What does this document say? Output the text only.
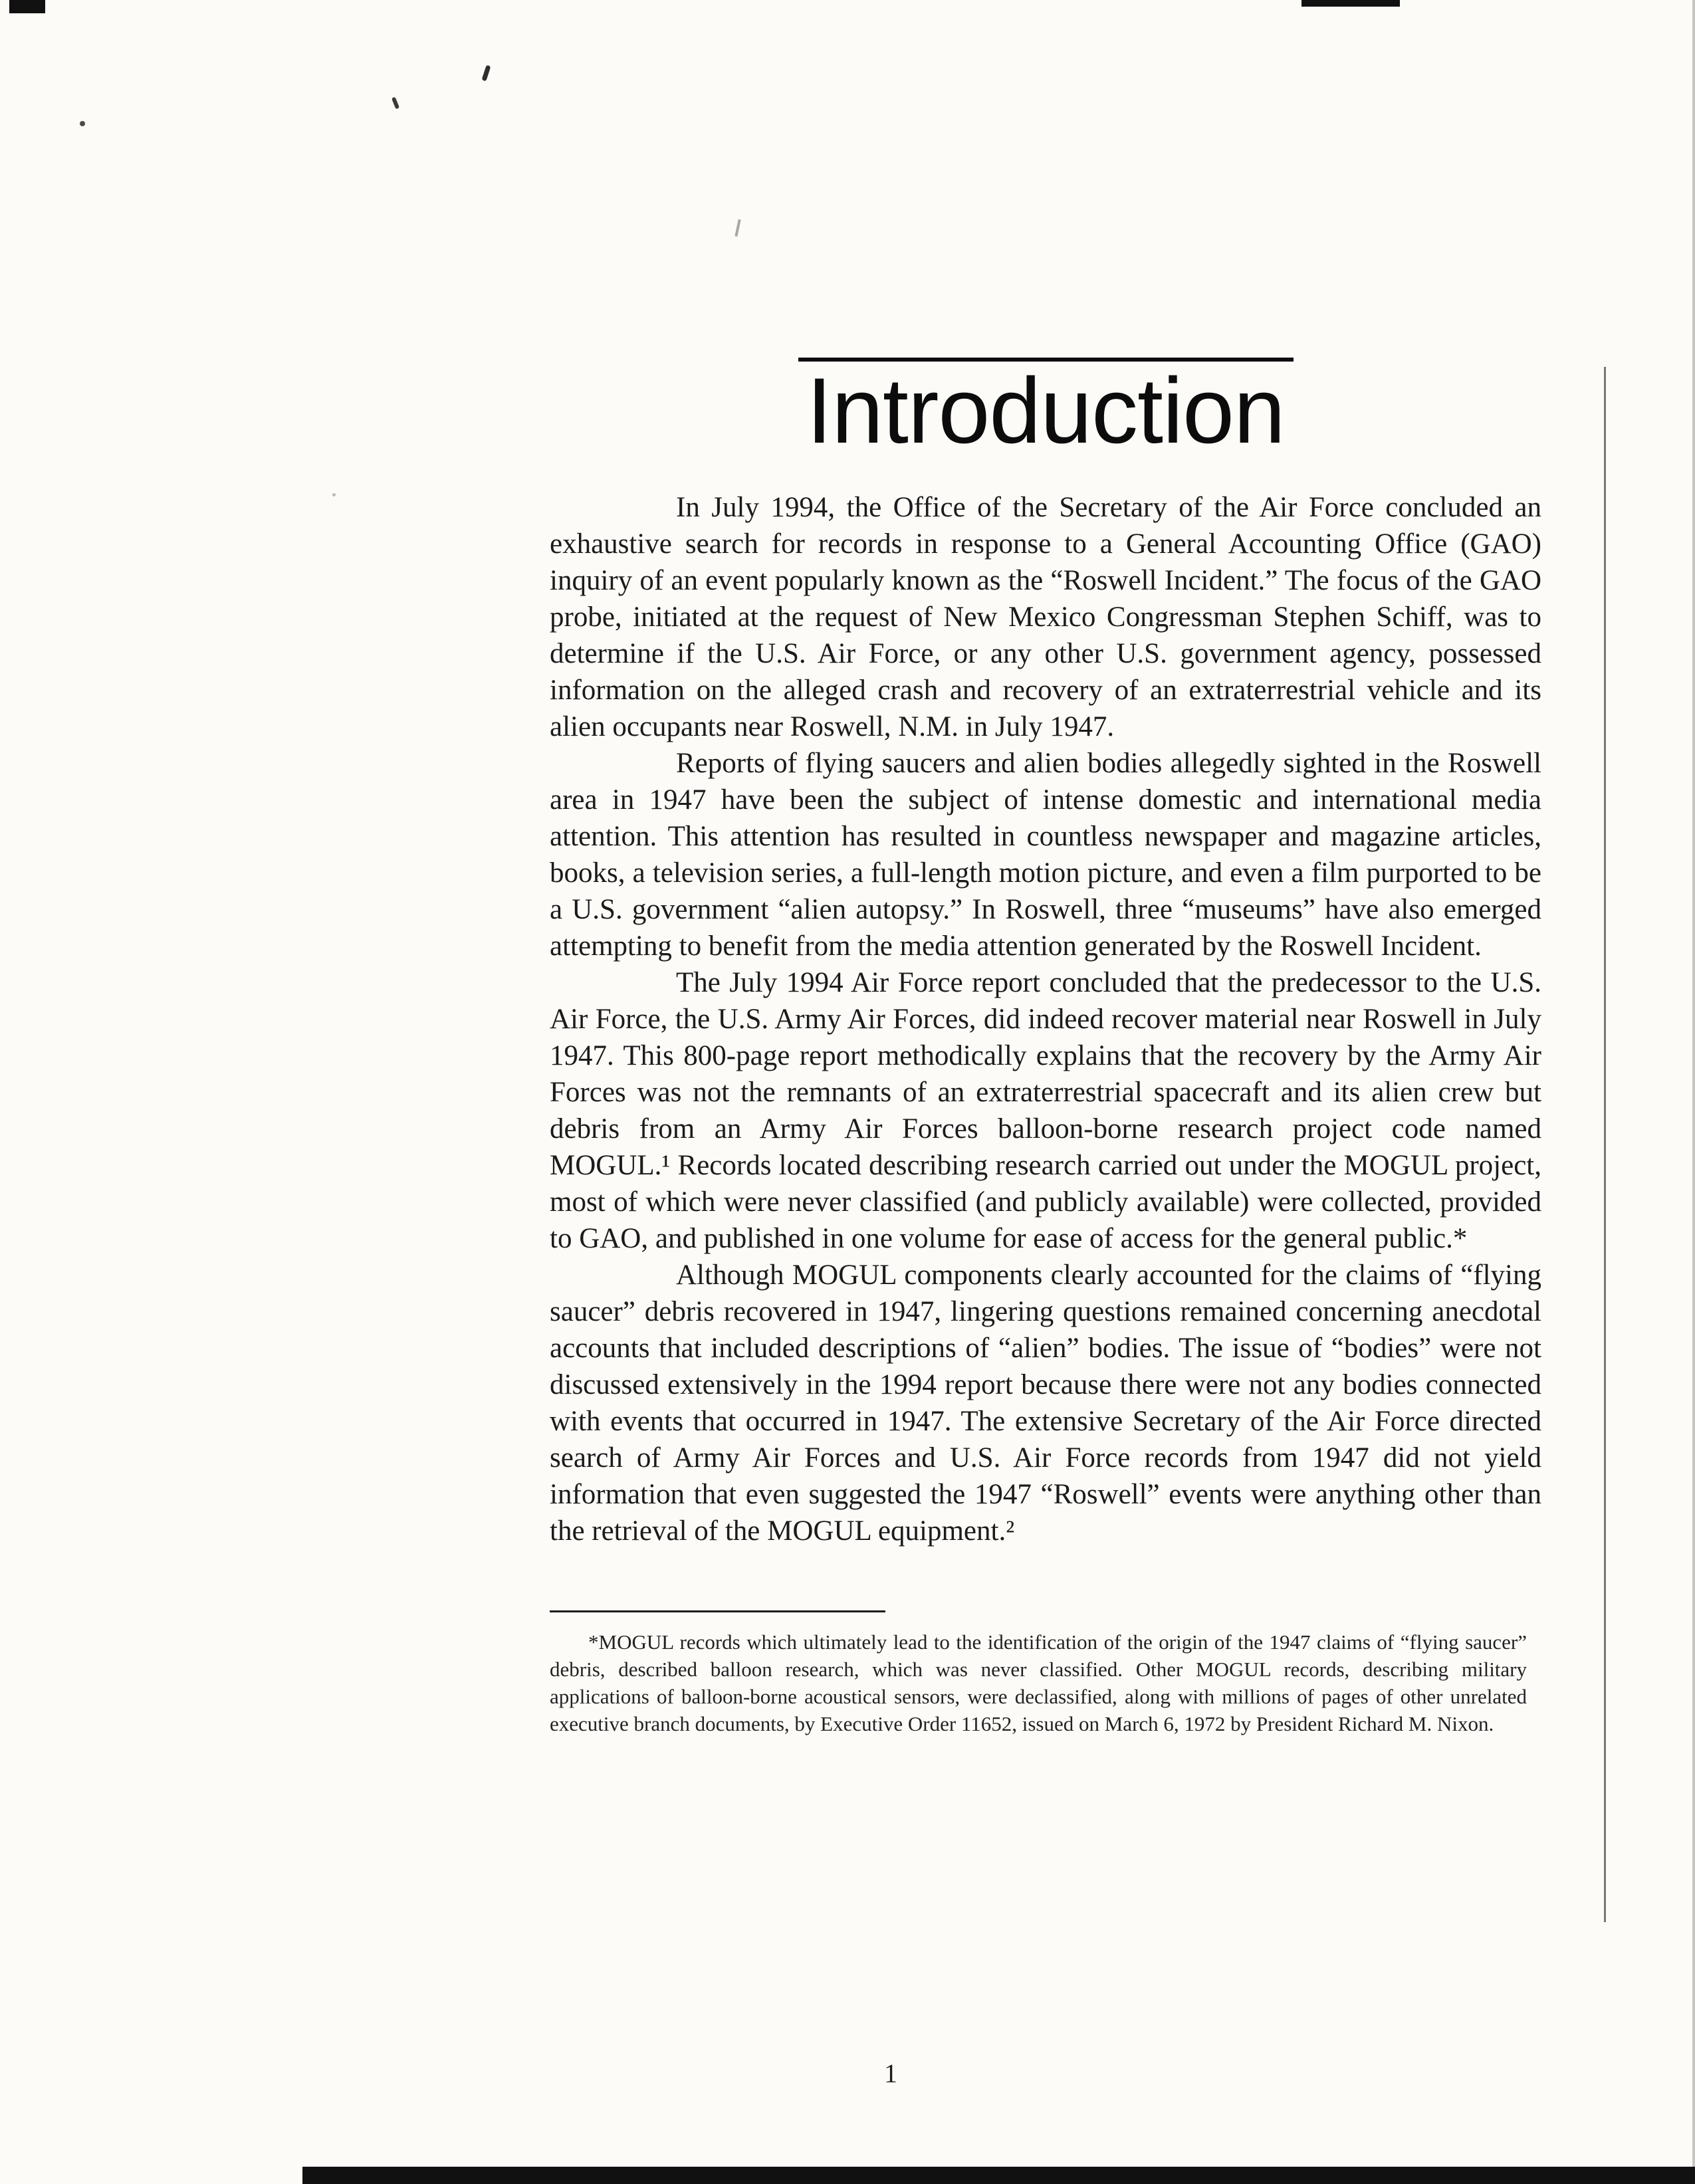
Introduction

In July 1994, the Office of the Secretary of the Air Force concluded an exhaustive search for records in response to a General Accounting Office (GAO) inquiry of an event popularly known as the “Roswell Incident.” The focus of the GAO probe, initiated at the request of New Mexico Congressman Stephen Schiff, was to determine if the U.S. Air Force, or any other U.S. government agency, possessed information on the alleged crash and recovery of an extraterrestrial vehicle and its alien occupants near Roswell, N.M. in July 1947.

Reports of flying saucers and alien bodies allegedly sighted in the Roswell area in 1947 have been the subject of intense domestic and international media attention. This attention has resulted in countless newspaper and magazine articles, books, a television series, a full-length motion picture, and even a film purported to be a U.S. government “alien autopsy.” In Roswell, three “museums” have also emerged attempting to benefit from the media attention generated by the Roswell Incident.

The July 1994 Air Force report concluded that the predecessor to the U.S. Air Force, the U.S. Army Air Forces, did indeed recover material near Roswell in July 1947. This 800-page report methodically explains that the recovery by the Army Air Forces was not the remnants of an extraterrestrial spacecraft and its alien crew but debris from an Army Air Forces balloon-borne research project code named MOGUL.¹ Records located describing research carried out under the MOGUL project, most of which were never classified (and publicly available) were collected, provided to GAO, and published in one volume for ease of access for the general public.*

Although MOGUL components clearly accounted for the claims of “flying saucer” debris recovered in 1947, lingering questions remained concerning anecdotal accounts that included descriptions of “alien” bodies. The issue of “bodies” were not discussed extensively in the 1994 report because there were not any bodies connected with events that occurred in 1947. The extensive Secretary of the Air Force directed search of Army Air Forces and U.S. Air Force records from 1947 did not yield information that even suggested the 1947 “Roswell” events were anything other than the retrieval of the MOGUL equipment.²

*MOGUL records which ultimately lead to the identification of the origin of the 1947 claims of “flying saucer” debris, described balloon research, which was never classified. Other MOGUL records, describing military applications of balloon-borne acoustical sensors, were declassified, along with millions of pages of other unrelated executive branch documents, by Executive Order 11652, issued on March 6, 1972 by President Richard M. Nixon.

1
